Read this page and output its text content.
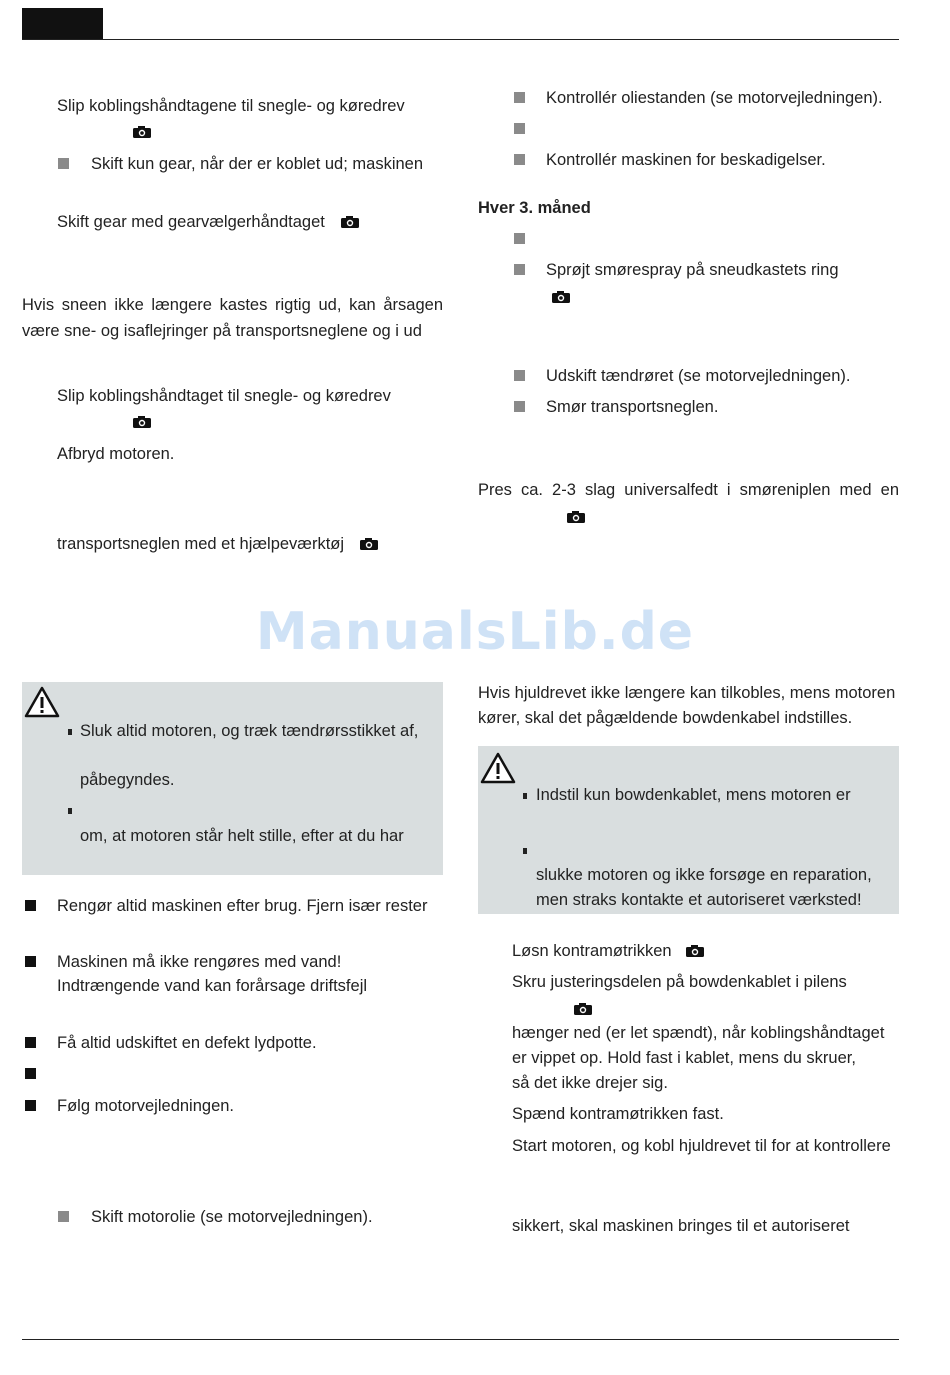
Slip koblingshåndtagene til snegle- og køredrev
Skift kun gear, når der er koblet ud; maskinen
Skift gear med gearvælgerhåndtaget
Hvis sneen ikke længere kastes rigtig ud, kan årsagen
være sne- og isaflejringer på transportsneglene og i ud
Slip koblingshåndtaget til snegle- og køredrev
Afbryd motoren.
transportsneglen med et hjælpeværktøj
Kontrollér oliestanden (se motorvejledningen).
Kontrollér maskinen for beskadigelser.
Hver 3. måned
Sprøjt smørespray på sneudkastets ring
Udskift tændrøret (se motorvejledningen).
Smør transportsneglen.
Pres ca. 2-3 slag universalfedt i smøreniplen med en
ManualsLib.de
Sluk altid motoren, og træk tændrørsstikket af,
påbegyndes.
om, at motoren står helt stille, efter at du har
Rengør altid maskinen efter brug. Fjern især rester
Maskinen må ikke rengøres med vand!
Indtrængende vand kan forårsage driftsfejl
Få altid udskiftet en defekt lydpotte.
Følg motorvejledningen.
Skift motorolie (se motorvejledningen).
Hvis hjuldrevet ikke længere kan tilkobles, mens motoren
kører, skal det pågældende bowdenkabel indstilles.
Indstil kun bowdenkablet, mens motoren er
slukke motoren og ikke forsøge en reparation,
men straks kontakte et autoriseret værksted!
Løsn kontramøtrikken
Skru justeringsdelen på bowdenkablet i pilens
hænger ned (er let spændt), når koblingshåndtaget
er vippet op. Hold fast i kablet, mens du skruer,
så det ikke drejer sig.
Spænd kontramøtrikken fast.
Start motoren, og kobl hjuldrevet til for at kontrollere
sikkert, skal maskinen bringes til et autoriseret
